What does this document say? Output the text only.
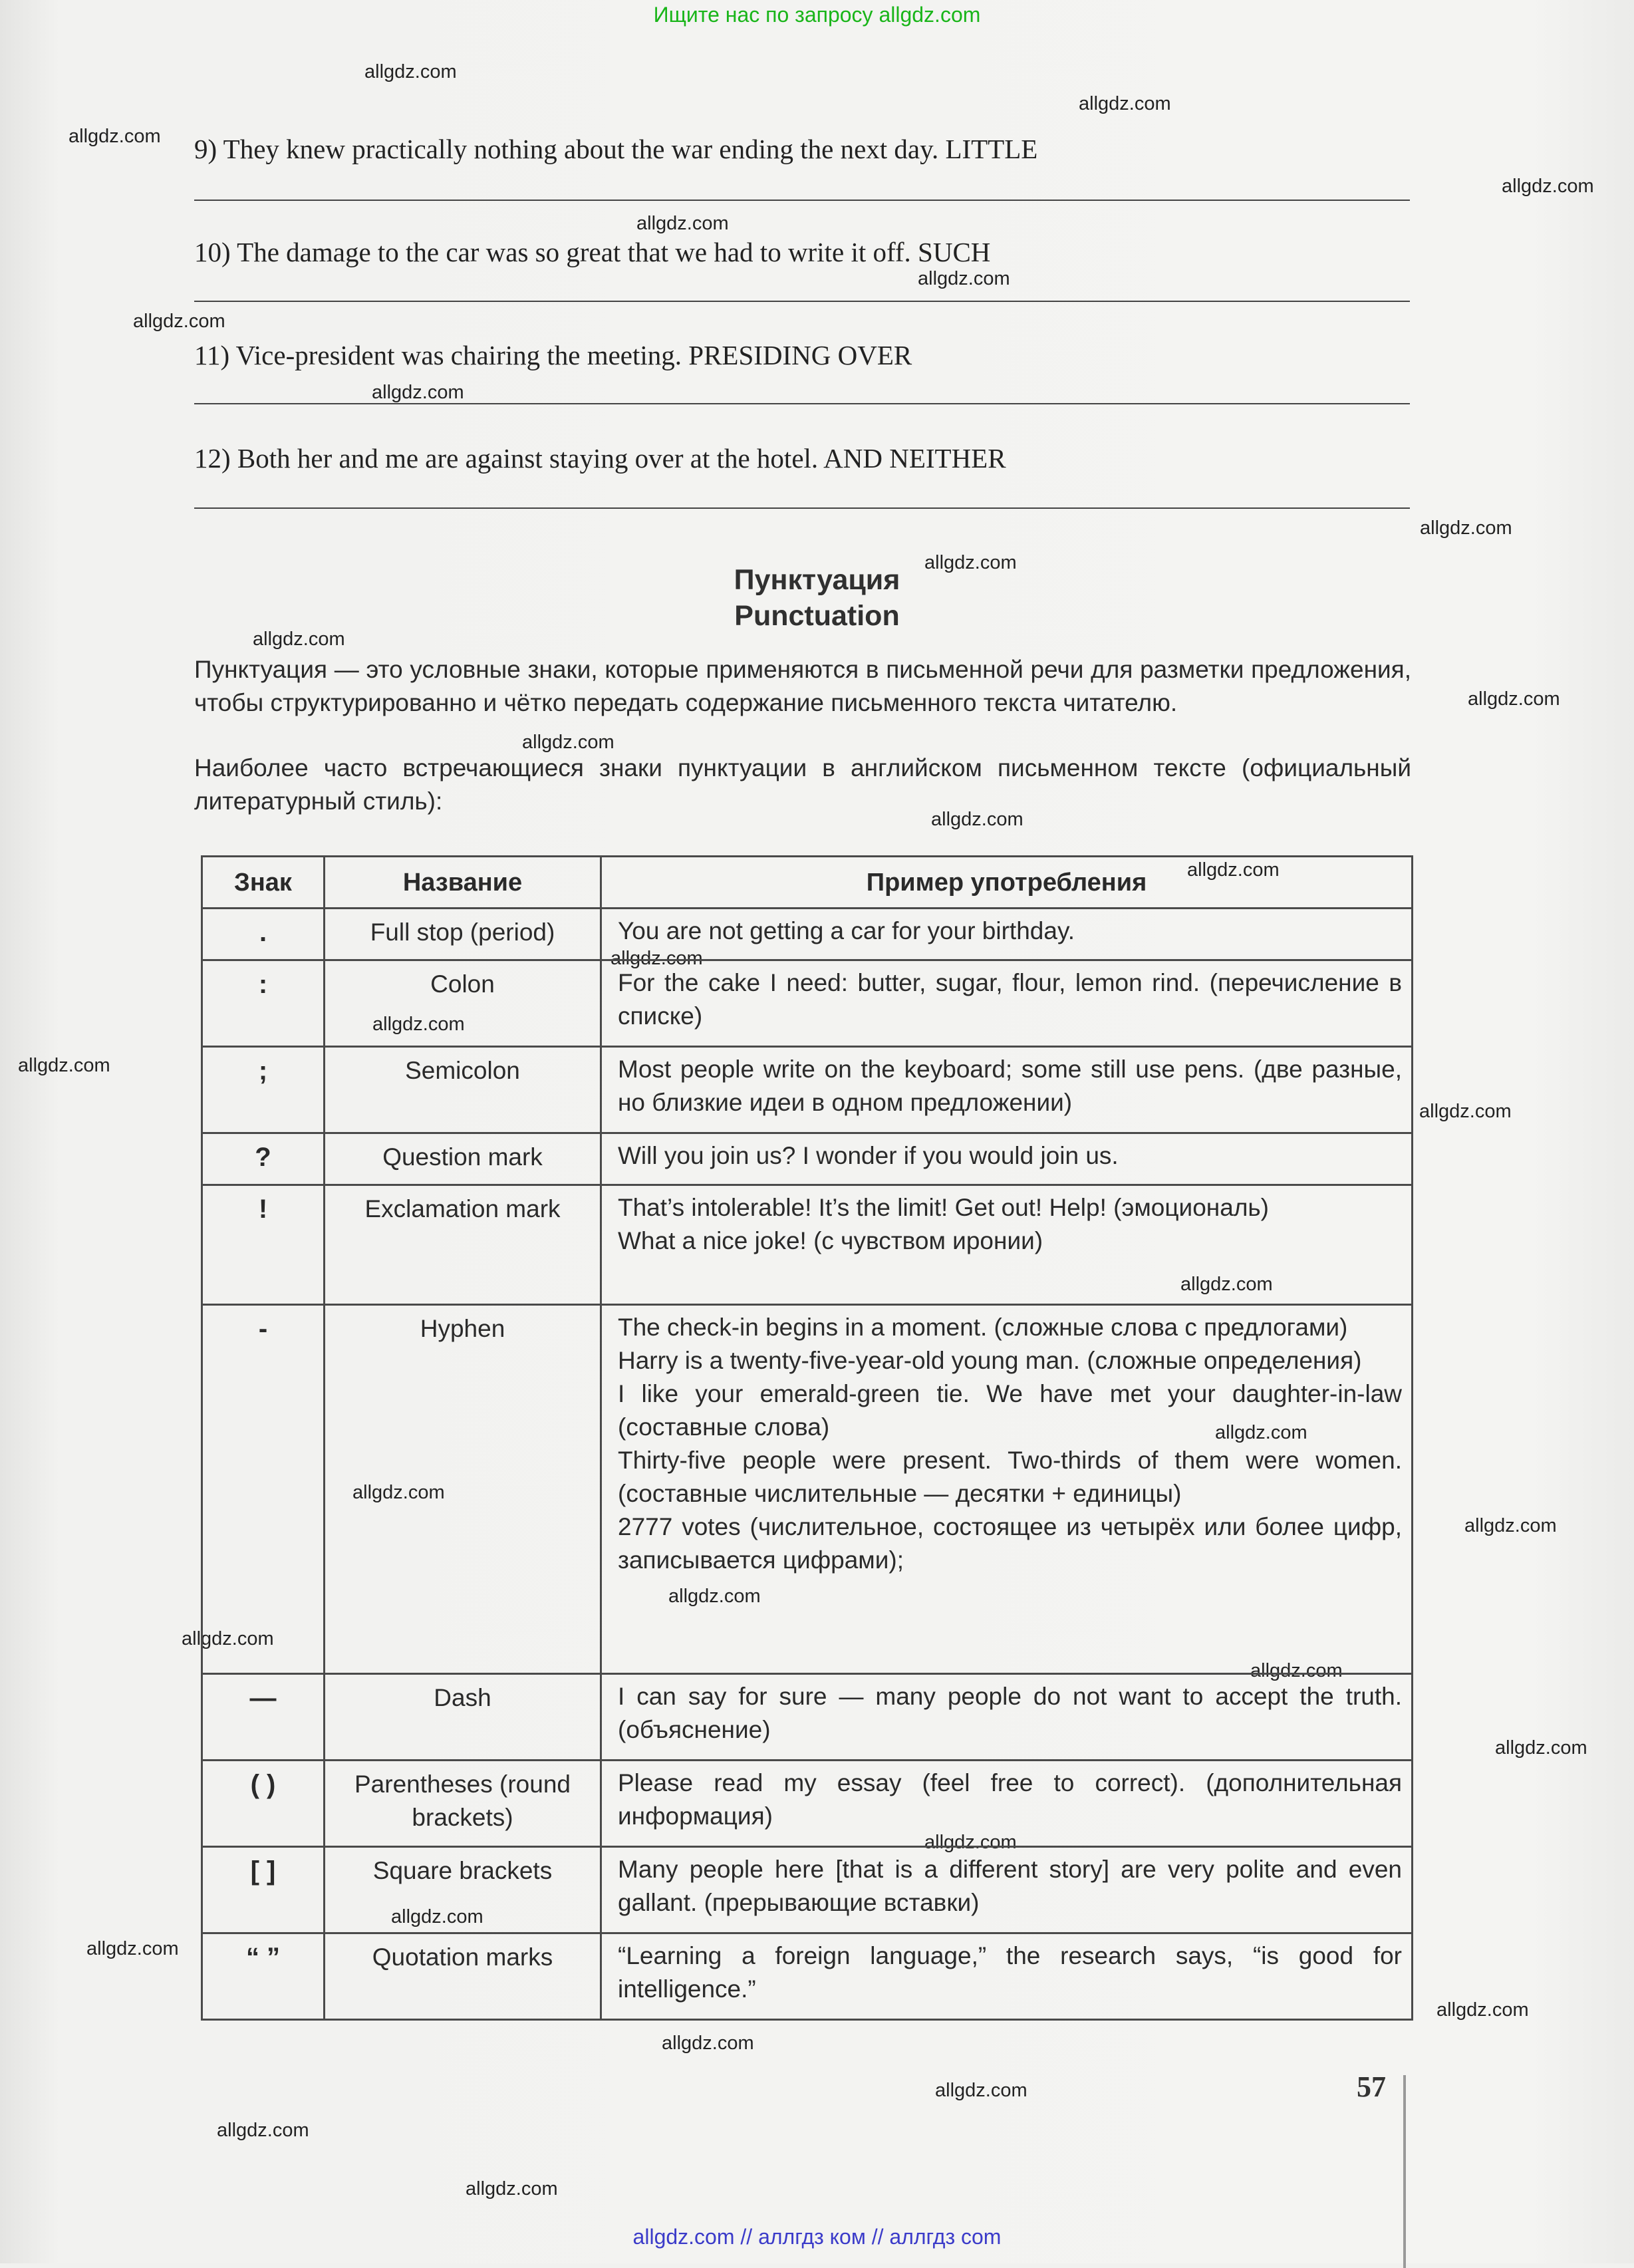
Ищите нас по запросу allgdz.com
allgdz.com // аллгдз ком // аллгдз com
allgdz.com
allgdz.com
allgdz.com
allgdz.com
allgdz.com
allgdz.com
allgdz.com
allgdz.com
allgdz.com
allgdz.com
allgdz.com
allgdz.com
allgdz.com
allgdz.com
allgdz.com
allgdz.com
allgdz.com
allgdz.com
allgdz.com
allgdz.com
allgdz.com
allgdz.com
allgdz.com
allgdz.com
allgdz.com
allgdz.com
allgdz.com
allgdz.com
allgdz.com
allgdz.com
allgdz.com
allgdz.com
allgdz.com
allgdz.com
allgdz.com
9) They knew practically nothing about the war ending the next day. LITTLE
10) The damage to the car was so great that we had to write it off. SUCH
11) Vice-president was chairing the meeting. PRESIDING OVER
12) Both her and me are against staying over at the hotel. AND NEITHER
Пунктуация
Punctuation
Пунктуация — это условные знаки, которые применяются в письменной речи для разметки предложения, чтобы структурированно и чётко передать содержание письменного текста читателю.
Наиболее часто встречающиеся знаки пунктуации в английском письменном тексте (официальный литературный стиль):
Знак	Название	Пример употребления
.	Full stop (period)	You are not getting a car for your birthday.

:	Colon	For the cake I need: butter, sugar, flour, lemon rind. (перечисление в списке)

;	Semicolon	Most people write on the keyboard; some still use pens. (две разные, но близкие идеи в одном предложении)

?	Question mark	Will you join us? I wonder if you would join us.

!	Exclamation mark	That’s intolerable! It’s the limit! Get out! Help! (эмоциональ)
What a nice joke! (с чувством иронии)

-	Hyphen	The check-in begins in a moment. (сложные слова с предлогами)
Harry is a twenty-five-year-old young man. (сложные определения)
I like your emerald-green tie. We have met your daughter-in-law (составные слова)
Thirty-five people were present. Two-thirds of them were women. (составные числительные — десятки + единицы)
2777 votes (числительное, состоящее из четырёх или более цифр, записывается цифрами);

—	Dash	I can say for sure — many people do not want to accept the truth. (объяснение)

( )	Parentheses (round brackets)	Please read my essay (feel free to correct). (дополнительная информация)

[ ]	Square brackets	Many people here [that is a different story] are very polite and even gallant. (прерывающие вставки)

“ ”	Quotation marks	“Learning a foreign language,” the research says, “is good for intelligence.”
57
